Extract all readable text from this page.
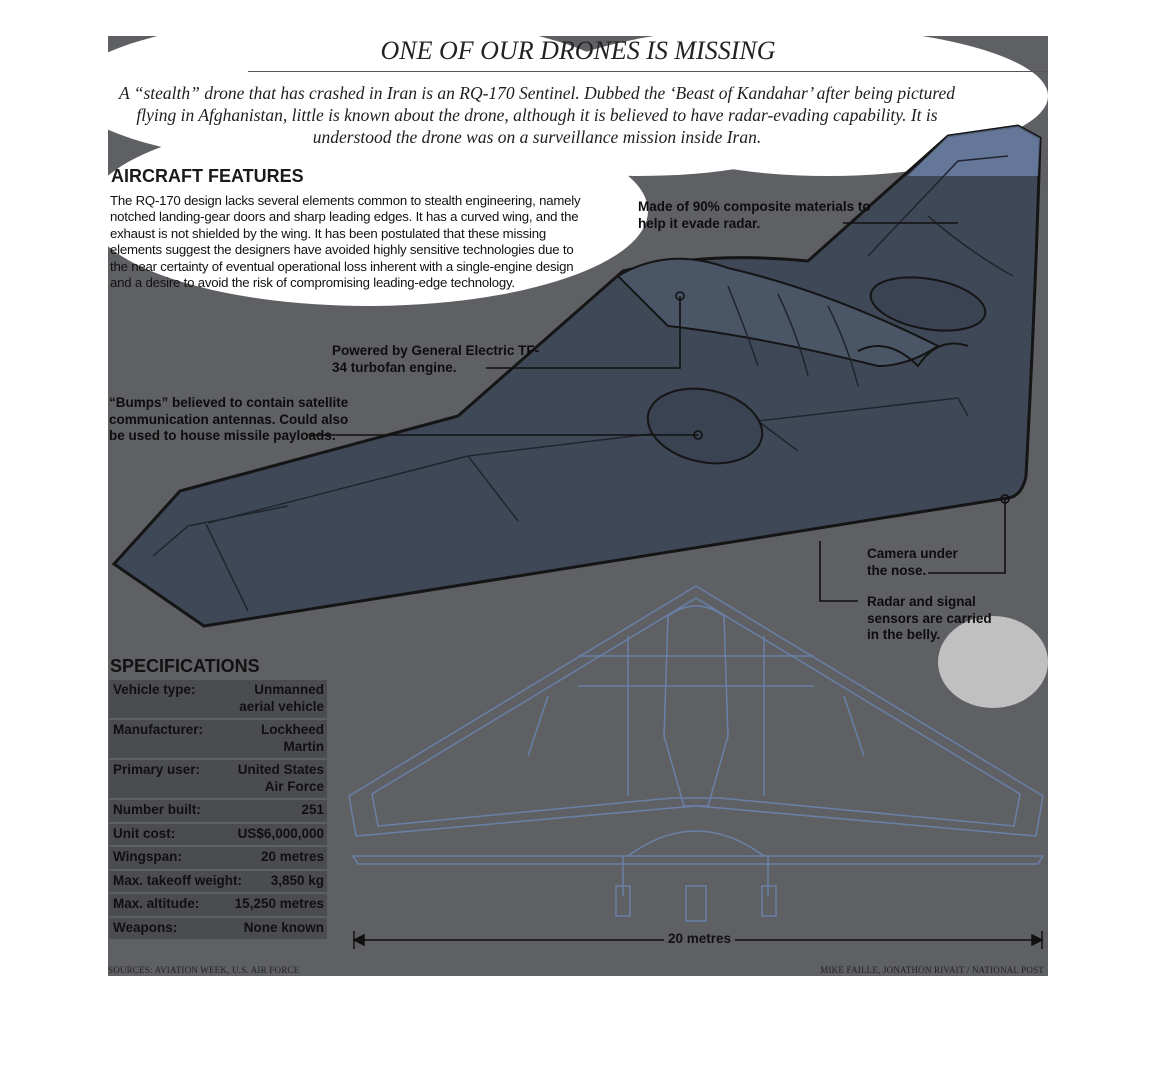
ONE OF OUR DRONES IS MISSING
A “stealth” drone that has crashed in Iran is an RQ-170 Sentinel. Dubbed the ‘Beast of Kandahar’ after being pictured flying in Afghanistan, little is known about the drone, although it is believed to have radar-evading capability. It is understood the drone was on a surveillance mission inside Iran.
AIRCRAFT FEATURES
The RQ-170 design lacks several elements common to stealth engineering, namely notched landing-gear doors and sharp leading edges. It has a curved wing, and the exhaust is not shielded by the wing. It has been postulated that these missing elements suggest the designers have avoided highly sensitive technologies due to the near certainty of eventual operational loss inherent with a single-engine design and a desire to avoid the risk of compromising leading-edge technology.
Made of 90% composite materials to help it evade radar.
Powered by General Electric TF-34 turbofan engine.
“Bumps” believed to contain satellite communication antennas. Could also be used to house missile payloads.
Camera under the nose.
Radar and signal sensors are carried in the belly.
SPECIFICATIONS
Vehicle type:	Unmanned aerial vehicle
Manufacturer:	Lockheed Martin
Primary user:	United States Air Force
Number built:	251
Unit cost:	US$6,000,000
Wingspan:	20 metres
Max. takeoff weight: 3,850 kg
Max. altitude:	15,250 metres
Weapons:	None known
20 metres
SOURCES: AVIATION WEEK, U.S. AIR FORCE	MIKE FAILLE, JONATHON RIVAIT / NATIONAL POST
